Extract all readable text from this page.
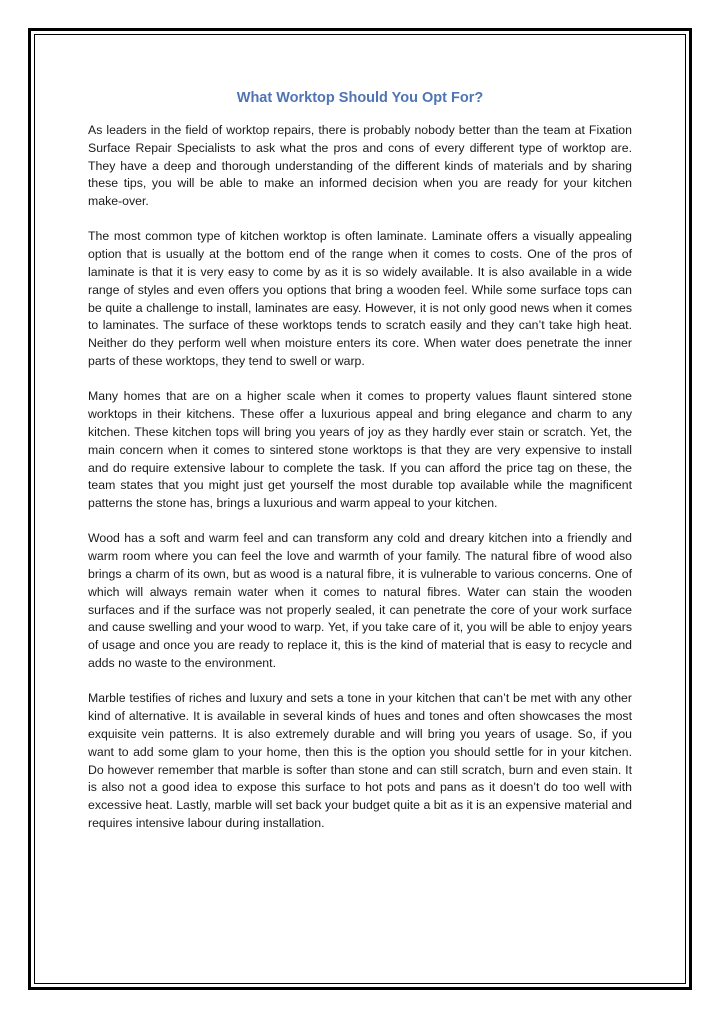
What Worktop Should You Opt For?

As leaders in the field of worktop repairs, there is probably nobody better than the team at Fixation Surface Repair Specialists to ask what the pros and cons of every different type of worktop are. They have a deep and thorough understanding of the different kinds of materials and by sharing these tips, you will be able to make an informed decision when you are ready for your kitchen make-over.

The most common type of kitchen worktop is often laminate. Laminate offers a visually appealing option that is usually at the bottom end of the range when it comes to costs. One of the pros of laminate is that it is very easy to come by as it is so widely available. It is also available in a wide range of styles and even offers you options that bring a wooden feel. While some surface tops can be quite a challenge to install, laminates are easy. However, it is not only good news when it comes to laminates. The surface of these worktops tends to scratch easily and they can’t take high heat. Neither do they perform well when moisture enters its core. When water does penetrate the inner parts of these worktops, they tend to swell or warp.

Many homes that are on a higher scale when it comes to property values flaunt sintered stone worktops in their kitchens. These offer a luxurious appeal and bring elegance and charm to any kitchen. These kitchen tops will bring you years of joy as they hardly ever stain or scratch. Yet, the main concern when it comes to sintered stone worktops is that they are very expensive to install and do require extensive labour to complete the task. If you can afford the price tag on these, the team states that you might just get yourself the most durable top available while the magnificent patterns the stone has, brings a luxurious and warm appeal to your kitchen.

Wood has a soft and warm feel and can transform any cold and dreary kitchen into a friendly and warm room where you can feel the love and warmth of your family. The natural fibre of wood also brings a charm of its own, but as wood is a natural fibre, it is vulnerable to various concerns. One of which will always remain water when it comes to natural fibres. Water can stain the wooden surfaces and if the surface was not properly sealed, it can penetrate the core of your work surface and cause swelling and your wood to warp. Yet, if you take care of it, you will be able to enjoy years of usage and once you are ready to replace it, this is the kind of material that is easy to recycle and adds no waste to the environment.

Marble testifies of riches and luxury and sets a tone in your kitchen that can’t be met with any other kind of alternative. It is available in several kinds of hues and tones and often showcases the most exquisite vein patterns. It is also extremely durable and will bring you years of usage. So, if you want to add some glam to your home, then this is the option you should settle for in your kitchen. Do however remember that marble is softer than stone and can still scratch, burn and even stain. It is also not a good idea to expose this surface to hot pots and pans as it doesn’t do too well with excessive heat. Lastly, marble will set back your budget quite a bit as it is an expensive material and requires intensive labour during installation.
